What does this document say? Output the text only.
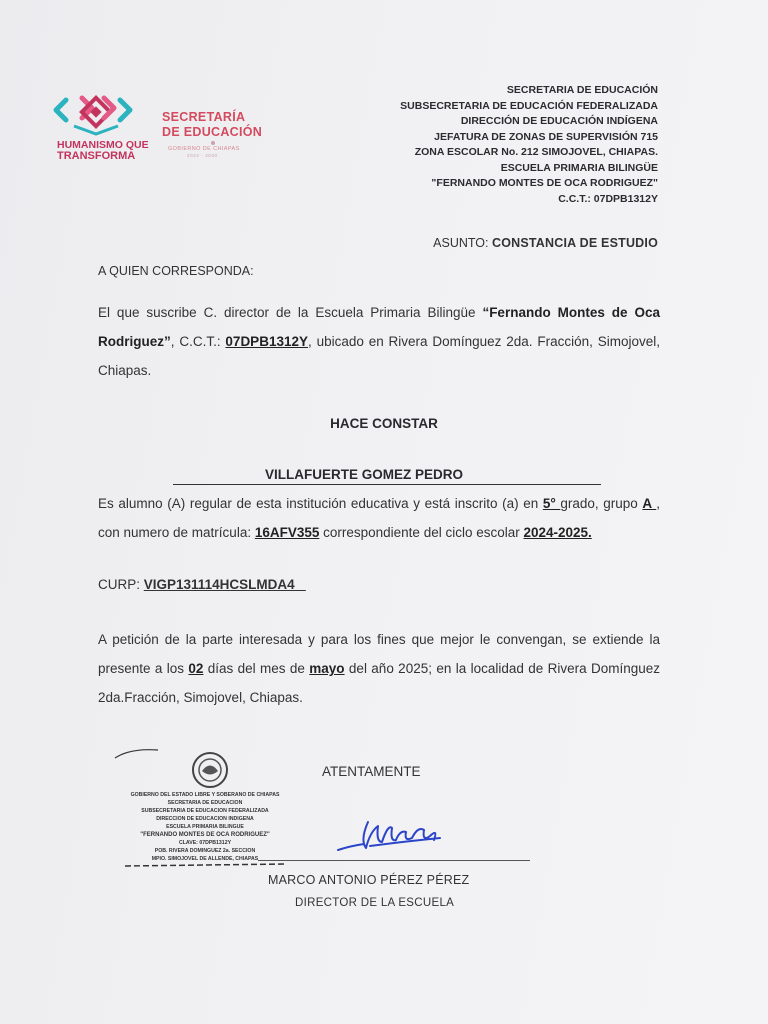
HUMANISMO QUE
TRANSFORMA
SECRETARÍA
DE EDUCACIÓN
GOBIERNO DE CHIAPAS
2024 · 2030
SECRETARIA DE EDUCACIÓN
SUBSECRETARIA DE EDUCACIÓN FEDERALIZADA
DIRECCIÓN DE EDUCACIÓN INDÍGENA
JEFATURA DE ZONAS DE SUPERVISIÓN 715
ZONA ESCOLAR No. 212 SIMOJOVEL, CHIAPAS.
ESCUELA PRIMARIA BILINGÜE
"FERNANDO MONTES DE OCA RODRIGUEZ"
C.C.T.: 07DPB1312Y
ASUNTO: CONSTANCIA DE ESTUDIO
A QUIEN CORRESPONDA:
El que suscribe C. director de la Escuela Primaria Bilingüe “Fernando Montes de Oca Rodriguez”, C.C.T.: 07DPB1312Y, ubicado en Rivera Domínguez 2da. Fracción, Simojovel, Chiapas.
HACE CONSTAR
VILLAFUERTE GOMEZ PEDRO
Es alumno (A) regular de esta institución educativa y está inscrito (a) en 5° grado, grupo A , con numero de matrícula: 16AFV355 correspondiente del ciclo escolar 2024-2025.
CURP: VIGP131114HCSLMDA4
A petición de la parte interesada y para los fines que mejor le convengan, se extiende la presente a los 02 días del mes de mayo del año 2025; en la localidad de Rivera Domínguez 2da.Fracción, Simojovel, Chiapas.
GOBIERNO DEL ESTADO LIBRE Y SOBERANO DE CHIAPAS
SECRETARIA DE EDUCACION
SUBSECRETARIA DE EDUCACION FEDERALIZADA
DIRECCION DE EDUCACION INDIGENA
ESCUELA PRIMARIA BILINGUE
"FERNANDO MONTES DE OCA RODRIGUEZ"
CLAVE: 07DPB1312Y
POB. RIVERA DOMINGUEZ 2a. SECCION
MPIO. SIMOJOVEL DE ALLENDE, CHIAPAS
ATENTAMENTE
MARCO ANTONIO PÉREZ PÉREZ
DIRECTOR DE LA ESCUELA
